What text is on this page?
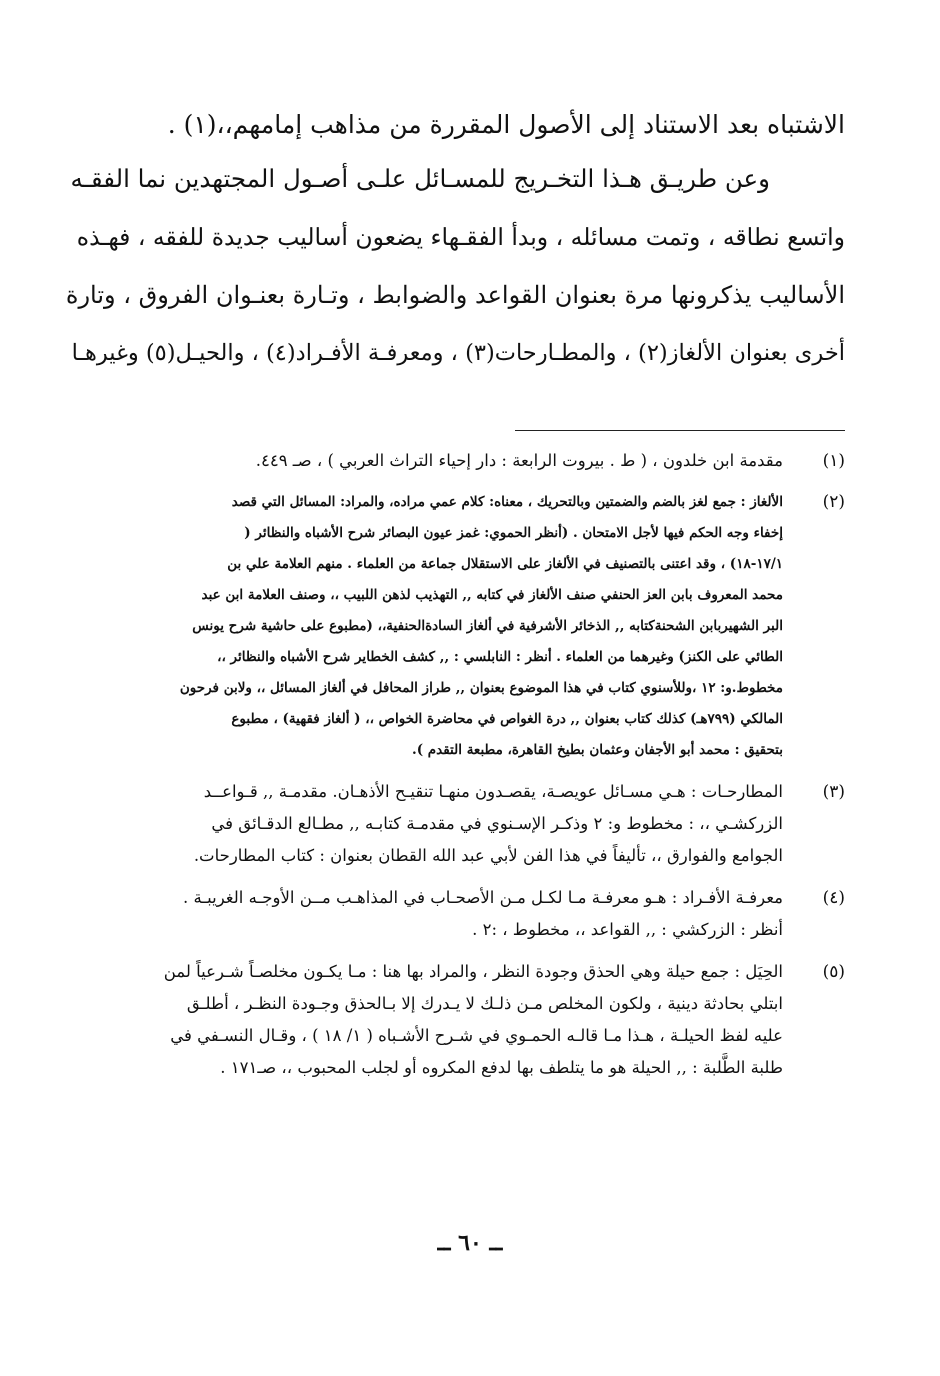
الاشتباه بعد الاستناد إلى الأصول المقررة من مذاهب إمامهم،،(١) .

وعن طريـق هـذا التخـريج للمسـائل علـى أصـول المجتهدين نما الفقـه
واتسع نطاقه ، وتمت مسائله ، وبدأ الفقـهاء يضعون أساليب جديدة للفقه ، فهـذه
الأساليب يذكرونها مرة بعنوان القواعد والضوابط ، وتـارة بعنـوان الفروق ، وتارة
أخرى بعنوان الألغاز(٢) ، والمطـارحات(٣) ، ومعرفـة الأفـراد(٤) ، والحيـل(٥) وغيرهـا

(١)
مقدمة ابن خلدون ، ( ط . بيروت الرابعة : دار إحياء التراث العربي ) ، صـ ٤٤٩.
(٢)
الألغاز : جمع لغز بالضم والضمتين وبالتحريك ، معناه: كلام عمي مراده، والمراد: المسائل التي قصد
إخفاء وجه الحكم فيها لأجل الامتحان . (أنظر الحموي: غمز عيون البصائر شرح الأشباه والنظائر (
١٧/١-١٨) ، وقد اعتنى بالتصنيف في الألغاز على الاستقلال جماعة من العلماء . منهم العلامة علي بن
محمد المعروف بابن العز الحنفي صنف الألغاز في كتابه ,, التهذيب لذهن اللبيب ،، وصنف العلامة ابن عبد
البر الشهيربابن الشحنةكتابه ,, الذخائر الأشرفية في ألغاز السادةالحنفية،، (مطبوع على حاشية شرح يونس
الطائي على الكنز) وغيرهما من العلماء . أنظر : النابلسي : ,, كشف الخطاير شرح الأشباه والنظائر ،،
مخطوط.و: ١٢ ،وللأسنوي كتاب في هذا الموضوع بعنوان ,, طراز المحافل في ألغاز المسائل ،، ولابن فرحون
المالكي (٧٩٩هـ) كذلك كتاب بعنوان ,, درة الغواص في محاضرة الخواص ،، ( ألغاز فقهية) ، مطبوع
بتحقيق : محمد أبو الأجفان وعثمان بطيخ القاهرة، مطبعة التقدم ).
(٣)
المطارحـات : هـي مسـائل عويصـة، يقصـدون منهـا تنقيـح الأذهـان. مقدمـة ,, قـواعــد
الزركشـي ،، : مخطوط و: ٢ وذكـر الإسـنوي في مقدمـة كتابـه ,, مطـالع الدقـائق في
الجوامع والفوارق ،، تأليفاً في هذا الفن لأبي عبد الله القطان بعنوان : كتاب المطارحات.
(٤)
معرفـة الأفـراد : هـو معرفـة مـا لكـل مـن الأصحـاب في المذاهـب مــن الأوجـه الغريبـة .
أنظر : الزركشي : ,, القواعد ،، مخطوط ، :٢ .
(٥)
الحِيَل : جمع حيلة وهي الحذق وجودة النظر ، والمراد بها هنا : مـا يكـون مخلصـاً شـرعياً لمن
ابتلي بحادثة دينية ، ولكون المخلص مـن ذلـك لا يـدرك إلا بـالحذق وجـودة النظـر ، أطلـق
عليه لفظ الحيلـة ، هـذا مـا قالـه الحمـوي في شـرح الأشـباه ( ١/ ١٨ ) ، وقـال النسـفي في
طلبة الطَّلبة : ,, الحيلة هو ما يتلطف بها لدفع المكروه أو لجلب المحبوب ،، صـ١٧١ .
ــ ٦٠ ــ
